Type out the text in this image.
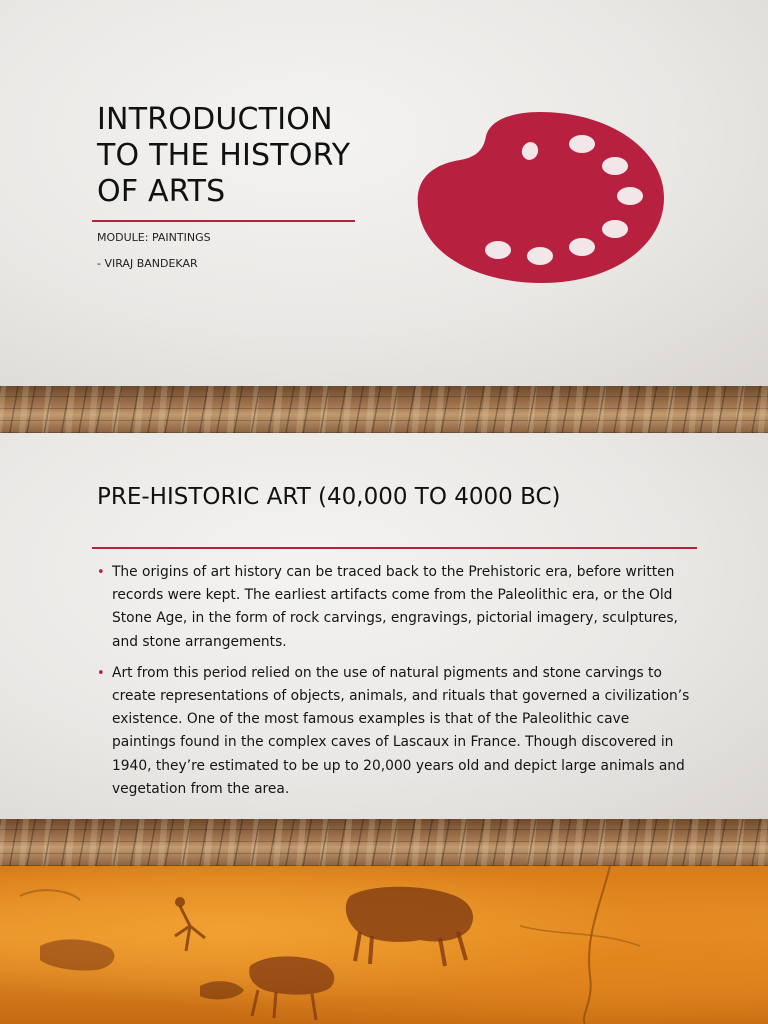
INTRODUCTION
TO THE HISTORY
OF ARTS

MODULE: PAINTINGS

- VIRAJ BANDEKAR

PRE-HISTORIC ART (40,000 TO 4000 BC)
• The origins of art history can be traced back to the Prehistoric era, before written records were kept. The earliest artifacts come from the Paleolithic era, or the Old Stone Age, in the form of rock carvings, engravings, pictorial imagery, sculptures, and stone arrangements.
• Art from this period relied on the use of natural pigments and stone carvings to create representations of objects, animals, and rituals that governed a civilization’s existence. One of the most famous examples is that of the Paleolithic cave paintings found in the complex caves of Lascaux in France. Though discovered in 1940, they’re estimated to be up to 20,000 years old and depict large animals and vegetation from the area.
